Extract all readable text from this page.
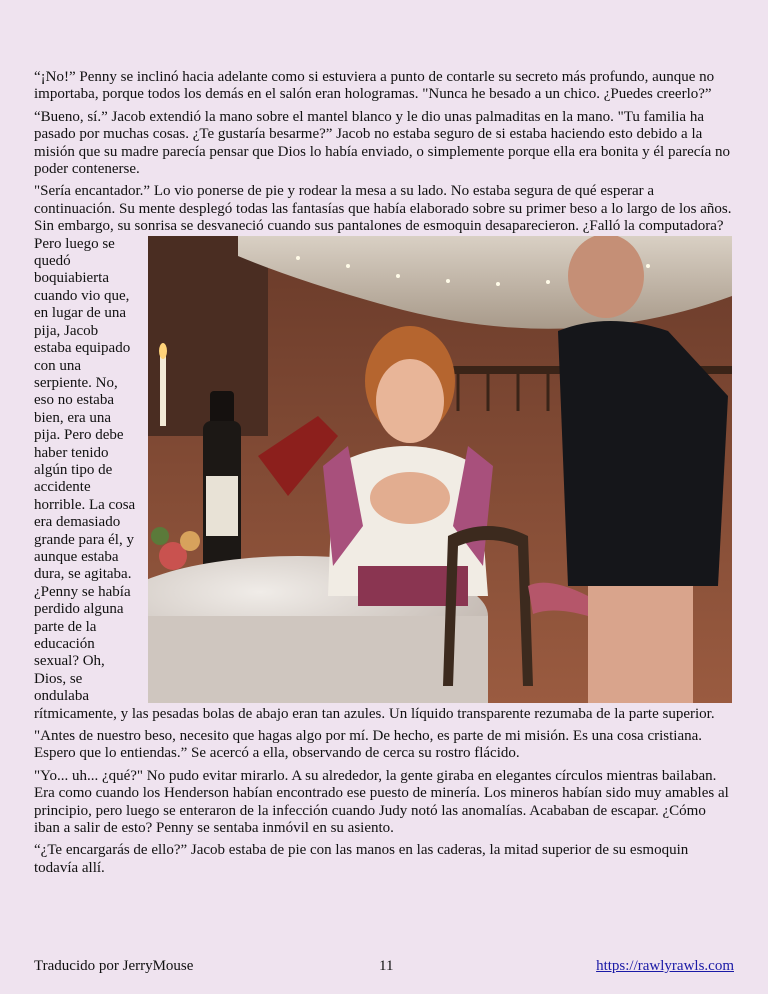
“¡No!” Penny se inclinó hacia adelante como si estuviera a punto de contarle su secreto más profundo, aunque no importaba, porque todos los demás en el salón eran hologramas. "Nunca he besado a un chico. ¿Puedes creerlo?”

“Bueno, sí.” Jacob extendió la mano sobre el mantel blanco y le dio unas palmaditas en la mano. "Tu familia ha pasado por muchas cosas. ¿Te gustaría besarme?” Jacob no estaba seguro de si estaba haciendo esto debido a la misión que su madre parecía pensar que Dios lo había enviado, o simplemente porque ella era bonita y él parecía no poder contenerse.

"Sería encantador.” Lo vio ponerse de pie y rodear la mesa a su lado. No estaba segura de qué esperar a continuación. Su mente desplegó todas las fantasías que había elaborado sobre su primer beso a lo largo de los años. Sin embargo, su sonrisa se desvaneció cuando sus pantalones de esmoquin desaparecieron. ¿Falló la computadora?

Pero luego se quedó boquiabierta cuando vio que, en lugar de una pija, Jacob estaba equipado con una serpiente. No, eso no estaba bien, era una pija. Pero debe haber tenido algún tipo de accidente horrible. La cosa era demasiado grande para él, y aunque estaba dura, se agitaba. ¿Penny se había perdido alguna parte de la educación sexual? Oh, Dios, se ondulaba rítmicamente, y las pesadas bolas de abajo eran tan azules. Un líquido transparente rezumaba de la parte superior.

"Antes de nuestro beso, necesito que hagas algo por mí. De hecho, es parte de mi misión. Es una cosa cristiana. Espero que lo entiendas.” Se acercó a ella, observando de cerca su rostro flácido.

"Yo... uh... ¿qué?" No pudo evitar mirarlo. A su alrededor, la gente giraba en elegantes círculos mientras bailaban. Era como cuando los Henderson habían encontrado ese puesto de minería. Los mineros habían sido muy amables al principio, pero luego se enteraron de la infección cuando Judy notó las anomalías. Acababan de escapar. ¿Cómo iban a salir de esto? Penny se sentaba inmóvil en su asiento.

“¿Te encargarás de ello?” Jacob estaba de pie con las manos en las caderas, la mitad superior de su esmoquin todavía allí.

Traducido por JerryMouse	11	https://rawlyrawls.com
